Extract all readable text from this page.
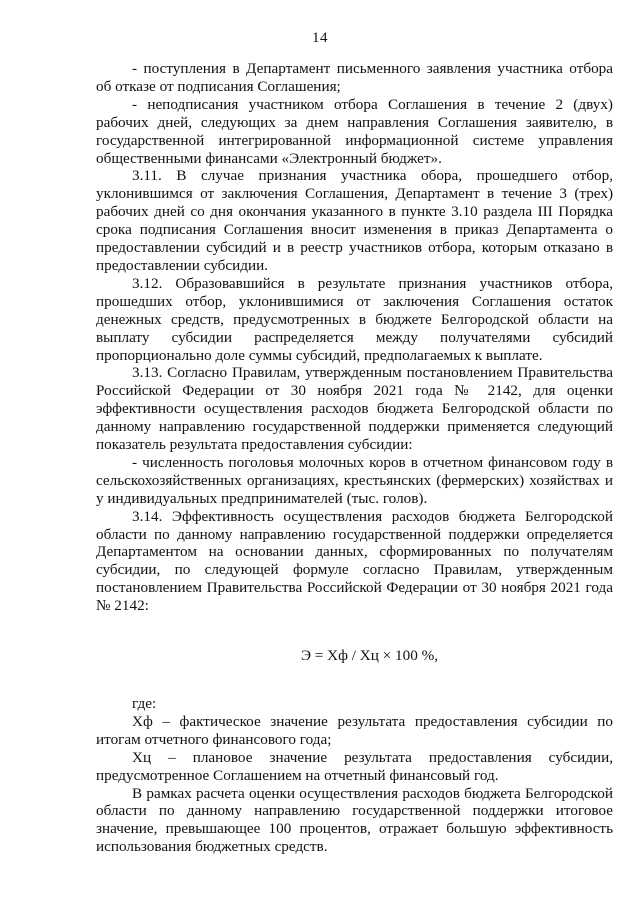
14

- поступления в Департамент письменного заявления участника отбора об отказе от подписания Соглашения;

- неподписания участником отбора Соглашения в течение 2 (двух) рабочих дней, следующих за днем направления Соглашения заявителю, в государственной интегрированной информационной системе управления общественными финансами «Электронный бюджет».

3.11. В случае признания участника обора, прошедшего отбор, уклонившимся от заключения Соглашения, Департамент в течение 3 (трех) рабочих дней со дня окончания указанного в пункте 3.10 раздела III Порядка срока подписания Соглашения вносит изменения в приказ Департамента о предоставлении субсидий и в реестр участников отбора, которым отказано в предоставлении субсидии.

3.12. Образовавшийся в результате признания участников отбора, прошедших отбор, уклонившимися от заключения Соглашения остаток денежных средств, предусмотренных в бюджете Белгородской области на выплату субсидии распределяется между получателями субсидий пропорционально доле суммы субсидий, предполагаемых к выплате.

3.13. Согласно Правилам, утвержденным постановлением Правительства Российской Федерации от 30 ноября 2021 года № 2142, для оценки эффективности осуществления расходов бюджета Белгородской области по данному направлению государственной поддержки применяется следующий показатель результата предоставления субсидии:

- численность поголовья молочных коров в отчетном финансовом году в сельскохозяйственных организациях, крестьянских (фермерских) хозяйствах и у индивидуальных предпринимателей (тыс. голов).

3.14. Эффективность осуществления расходов бюджета Белгородской области по данному направлению государственной поддержки определяется Департаментом на основании данных, сформированных по получателям субсидии, по следующей формуле согласно Правилам, утвержденным постановлением Правительства Российской Федерации от 30 ноября 2021 года № 2142:

Э = Хф / Хц × 100 %,

где:

Хф – фактическое значение результата предоставления субсидии по итогам отчетного финансового года;

Хц – плановое значение результата предоставления субсидии, предусмотренное Соглашением на отчетный финансовый год.

В рамках расчета оценки осуществления расходов бюджета Белгородской области по данному направлению государственной поддержки итоговое значение, превышающее 100 процентов, отражает большую эффективность использования бюджетных средств.
